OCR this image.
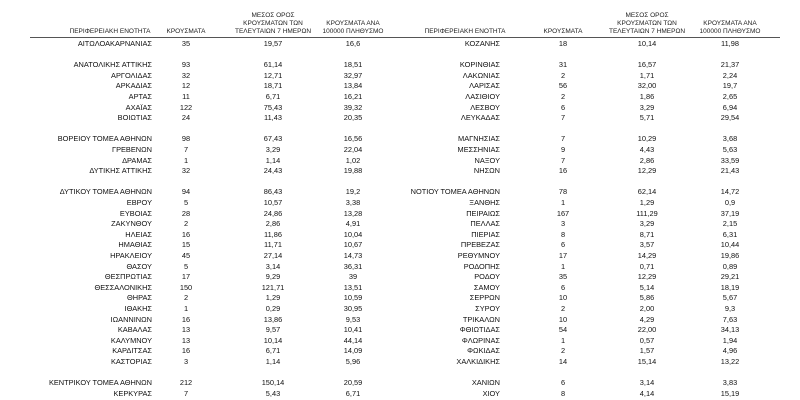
ΠΕΡΙΦΕΡΕΙΑΚΗ ΕΝΟΤΗΤΑ	ΚΡΟΥΣΜΑΤΑ
ΜΕΣΟΣ ΟΡΟΣ
ΚΡΟΥΣΜΑΤΩΝ ΤΩΝ
ΤΕΛΕΥΤΑΙΩΝ 7 ΗΜΕΡΩΝ
ΚΡΟΥΣΜΑΤΑ ΑΝΑ
100000 ΠΛΗΘΥΣΜΟ	ΠΕΡΙΦΕΡΕΙΑΚΗ ΕΝΟΤΗΤΑ	ΚΡΟΥΣΜΑΤΑ
ΜΕΣΟΣ ΟΡΟΣ
ΚΡΟΥΣΜΑΤΩΝ ΤΩΝ
ΤΕΛΕΥΤΑΙΩΝ 7 ΗΜΕΡΩΝ
ΚΡΟΥΣΜΑΤΑ ΑΝΑ
100000 ΠΛΗΘΥΣΜΟ
ΑΙΤΩΛΟΑΚΑΡΝΑΝΙΑΣ	35	19,57	16,6
ΑΝΑΤΟΛΙΚΗΣ ΑΤΤΙΚΗΣ	93	61,14	18,51
ΑΡΓΟΛΙΔΑΣ	32	12,71	32,97
ΑΡΚΑΔΙΑΣ	12	18,71	13,84
ΑΡΤΑΣ	11	6,71	16,21
ΑΧΑΪΑΣ	122	75,43	39,32
ΒΟΙΩΤΙΑΣ	24	11,43	20,35
ΒΟΡΕΙΟΥ ΤΟΜΕΑ ΑΘΗΝΩΝ	98	67,43	16,56
ΓΡΕΒΕΝΩΝ	7	3,29	22,04
ΔΡΑΜΑΣ	1	1,14	1,02
ΔΥΤΙΚΗΣ ΑΤΤΙΚΗΣ	32	24,43	19,88
ΔΥΤΙΚΟΥ ΤΟΜΕΑ ΑΘΗΝΩΝ	94	86,43	19,2
ΕΒΡΟΥ	5	10,57	3,38
ΕΥΒΟΙΑΣ	28	24,86	13,28
ΖΑΚΥΝΘΟΥ	2	2,86	4,91
ΗΛΕΙΑΣ	16	11,86	10,04
ΗΜΑΘΙΑΣ	15	11,71	10,67
ΗΡΑΚΛΕΙΟΥ	45	27,14	14,73
ΘΑΣΟΥ	5	3,14	36,31
ΘΕΣΠΡΩΤΙΑΣ	17	9,29	39
ΘΕΣΣΑΛΟΝΙΚΗΣ	150	121,71	13,51
ΘΗΡΑΣ	2	1,29	10,59
ΙΘΑΚΗΣ	1	0,29	30,95
ΙΩΑΝΝΙΝΩΝ	16	13,86	9,53
ΚΑΒΑΛΑΣ	13	9,57	10,41
ΚΑΛΥΜΝΟΥ	13	10,14	44,14
ΚΑΡΔΙΤΣΑΣ	16	6,71	14,09
ΚΑΣΤΟΡΙΑΣ	3	1,14	5,96
ΚΕΝΤΡΙΚΟΥ ΤΟΜΕΑ ΑΘΗΝΩΝ	212	150,14	20,59
ΚΕΡΚΥΡΑΣ	7	5,43	6,71
ΚΟΖΑΝΗΣ	18	10,14	11,98
ΚΟΡΙΝΘΙΑΣ	31	16,57	21,37
ΛΑΚΩΝΙΑΣ	2	1,71	2,24
ΛΑΡΙΣΑΣ	56	32,00	19,7
ΛΑΣΙΘΙΟΥ	2	1,86	2,65
ΛΕΣΒΟΥ	6	3,29	6,94
ΛΕΥΚΑΔΑΣ	7	5,71	29,54
ΜΑΓΝΗΣΙΑΣ	7	10,29	3,68
ΜΕΣΣΗΝΙΑΣ	9	4,43	5,63
ΝΑΞΟΥ	7	2,86	33,59
ΝΗΣΩΝ	16	12,29	21,43
ΝΟΤΙΟΥ ΤΟΜΕΑ ΑΘΗΝΩΝ	78	62,14	14,72
ΞΑΝΘΗΣ	1	1,29	0,9
ΠΕΙΡΑΙΩΣ	167	111,29	37,19
ΠΕΛΛΑΣ	3	3,29	2,15
ΠΙΕΡΙΑΣ	8	8,71	6,31
ΠΡΕΒΕΖΑΣ	6	3,57	10,44
ΡΕΘΥΜΝΟΥ	17	14,29	19,86
ΡΟΔΟΠΗΣ	1	0,71	0,89
ΡΟΔΟΥ	35	12,29	29,21
ΣΑΜΟΥ	6	5,14	18,19
ΣΕΡΡΩΝ	10	5,86	5,67
ΣΥΡΟΥ	2	2,00	9,3
ΤΡΙΚΑΛΩΝ	10	4,29	7,63
ΦΘΙΩΤΙΔΑΣ	54	22,00	34,13
ΦΛΩΡΙΝΑΣ	1	0,57	1,94
ΦΩΚΙΔΑΣ	2	1,57	4,96
ΧΑΛΚΙΔΙΚΗΣ	14	15,14	13,22
ΧΑΝΙΩΝ	6	3,14	3,83
ΧΙΟΥ	8	4,14	15,19
